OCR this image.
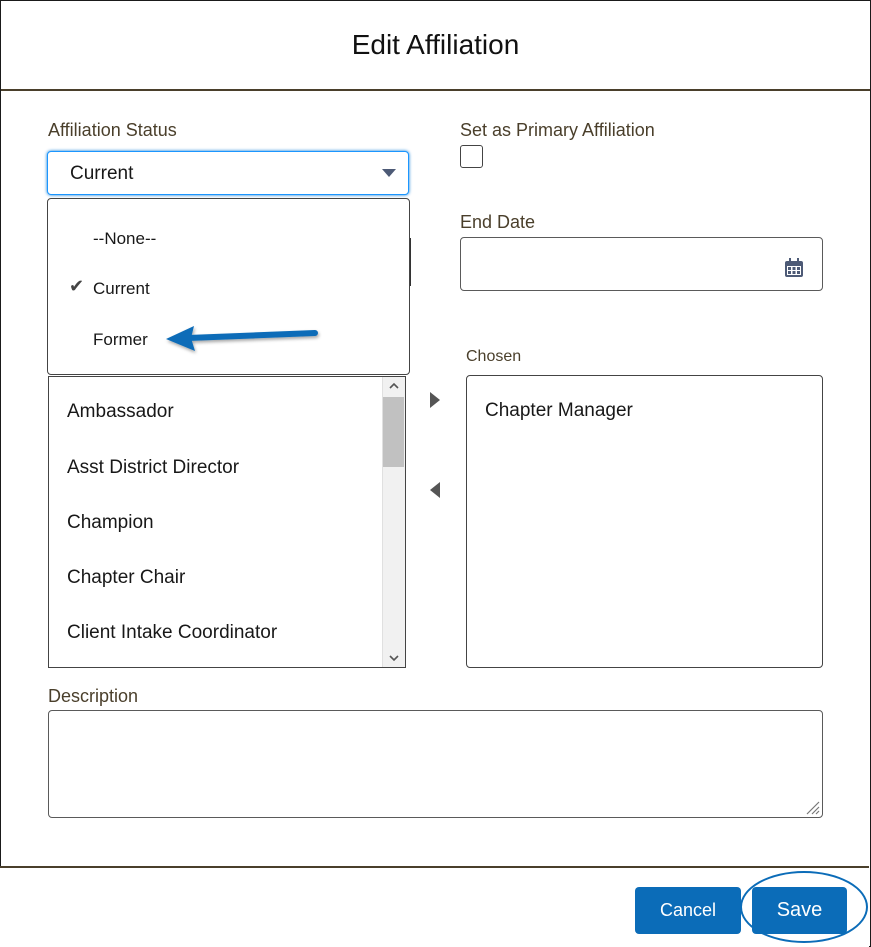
Edit Affiliation
Affiliation Status
Current
--None--
✔ Current
Former
Set as Primary Affiliation
End Date
Ambassador
Asst District Director
Champion
Chapter Chair
Client Intake Coordinator
Chosen
Chapter Manager
Description
Cancel	Save
